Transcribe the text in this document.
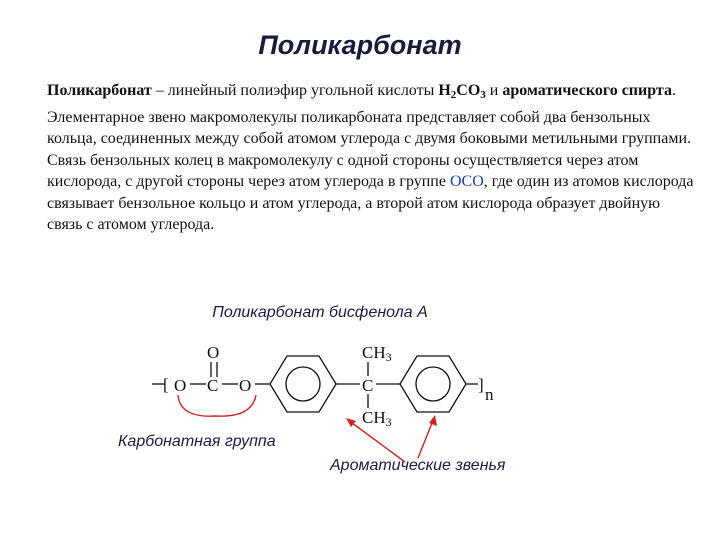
Поликарбонат
Поликарбонат – линейный полиэфир угольной кислоты $H_2CO_3$ и ароматического спирта. Элементарное звено макромолекулы поликарбоната представляет собой два бензольных кольца, соединенных между собой атомом углерода с двумя боковыми метильными группами.
Связь бензольных колец в макромолекулу с одной стороны осуществляется через атом кислорода, с другой стороны через атом углерода в группе OCO, где один из атомов кислорода связывает бензольное кольцо и атом углерода, а второй атом кислорода образует двойную связь с атомом углерода.
Поликарбонат бисфенола А
[ O C
O
O
CH3
C
CH3
]
n
Карбонатная группа
Ароматические звенья
